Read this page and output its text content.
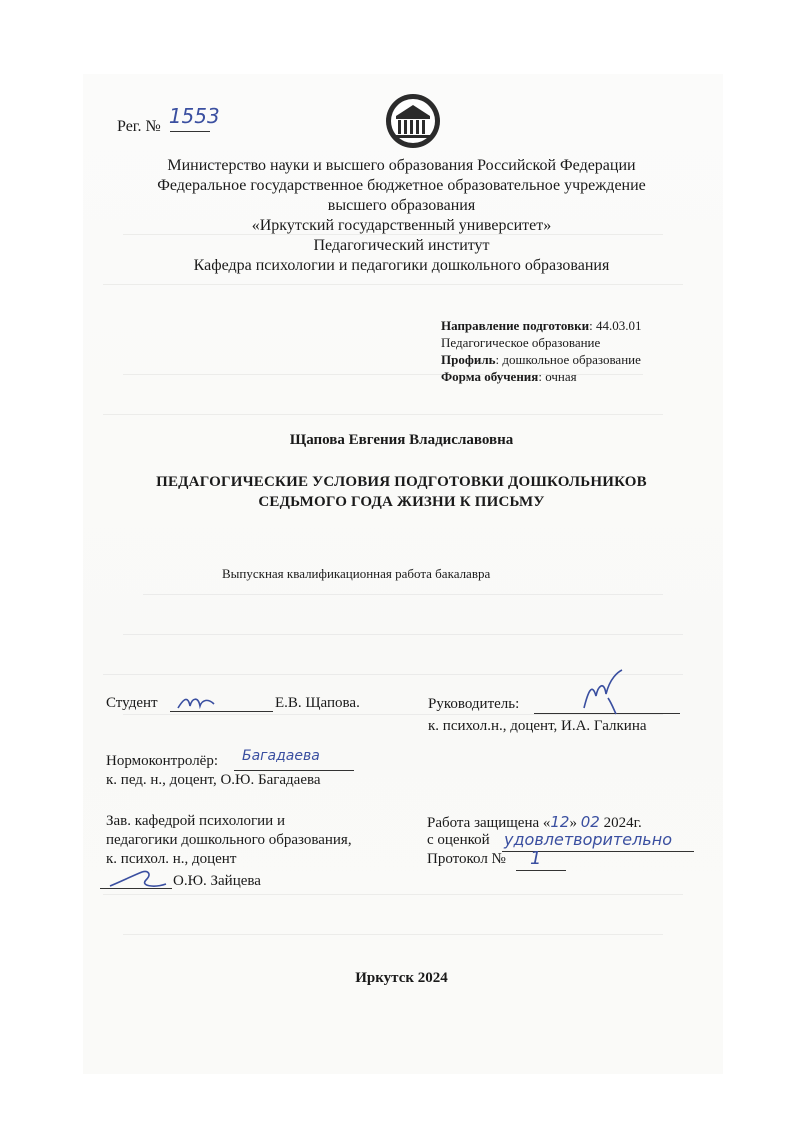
Рег. № 1553
Министерство науки и высшего образования Российской Федерации
Федеральное государственное бюджетное образовательное учреждение
высшего образования
«Иркутский государственный университет»
Педагогический институт
Кафедра психологии и педагогики дошкольного образования
Направление подготовки: 44.03.01
Педагогическое образование
Профиль: дошкольное образование
Форма обучения: очная
Щапова Евгения Владиславовна
ПЕДАГОГИЧЕСКИЕ УСЛОВИЯ ПОДГОТОВКИ ДОШКОЛЬНИКОВ
СЕДЬМОГО ГОДА ЖИЗНИ К ПИСЬМУ
Выпускная квалификационная работа бакалавра
Студент	Е.В. Щапова.	Руководитель:
к. психол.н., доцент, И.А. Галкина
Нормоконтролёр: Багадаева
к. пед. н., доцент, О.Ю. Багадаева
Зав. кафедрой психологии и
педагогики дошкольного образования,
к. психол. н., доцент
О.Ю. Зайцева
Работа защищена «12» 02 2024г.
с оценкой удовлетворительно
Протокол № 1
Иркутск 2024
